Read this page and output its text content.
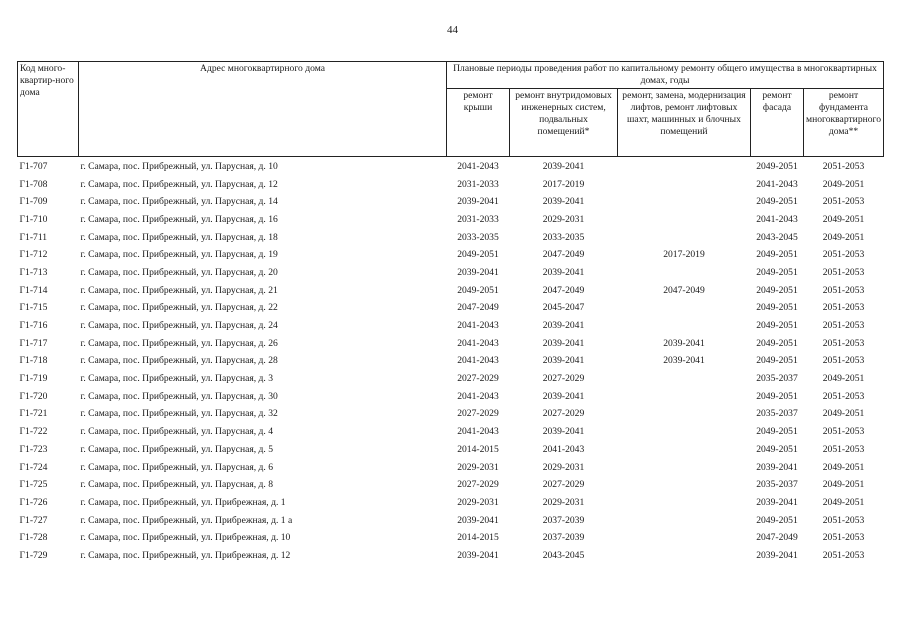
44
Код много-квартир-ного дома	Адрес многоквартирного дома	Плановые периоды проведения работ по капитальному ремонту общего имущества в многоквартирных домах, годы				
		ремонт крыши	ремонт внутридомовых инженерных систем, подвальных помещений*	ремонт, замена, модернизация лифтов, ремонт лифтовых шахт, машинных и блочных помещений	ремонт фасада	ремонт фундамента многоквартирного дома**
Г1-707	г. Самара, пос. Прибрежный, ул. Парусная, д. 10	2041-2043	2039-2041		2049-2051	2051-2053
Г1-708	г. Самара, пос. Прибрежный, ул. Парусная, д. 12	2031-2033	2017-2019		2041-2043	2049-2051
Г1-709	г. Самара, пос. Прибрежный, ул. Парусная, д. 14	2039-2041	2039-2041		2049-2051	2051-2053
Г1-710	г. Самара, пос. Прибрежный, ул. Парусная, д. 16	2031-2033	2029-2031		2041-2043	2049-2051
Г1-711	г. Самара, пос. Прибрежный, ул. Парусная, д. 18	2033-2035	2033-2035		2043-2045	2049-2051
Г1-712	г. Самара, пос. Прибрежный, ул. Парусная, д. 19	2049-2051	2047-2049	2017-2019	2049-2051	2051-2053
Г1-713	г. Самара, пос. Прибрежный, ул. Парусная, д. 20	2039-2041	2039-2041		2049-2051	2051-2053
Г1-714	г. Самара, пос. Прибрежный, ул. Парусная, д. 21	2049-2051	2047-2049	2047-2049	2049-2051	2051-2053
Г1-715	г. Самара, пос. Прибрежный, ул. Парусная, д. 22	2047-2049	2045-2047		2049-2051	2051-2053
Г1-716	г. Самара, пос. Прибрежный, ул. Парусная, д. 24	2041-2043	2039-2041		2049-2051	2051-2053
Г1-717	г. Самара, пос. Прибрежный, ул. Парусная, д. 26	2041-2043	2039-2041	2039-2041	2049-2051	2051-2053
Г1-718	г. Самара, пос. Прибрежный, ул. Парусная, д. 28	2041-2043	2039-2041	2039-2041	2049-2051	2051-2053
Г1-719	г. Самара, пос. Прибрежный, ул. Парусная, д. 3	2027-2029	2027-2029		2035-2037	2049-2051
Г1-720	г. Самара, пос. Прибрежный, ул. Парусная, д. 30	2041-2043	2039-2041		2049-2051	2051-2053
Г1-721	г. Самара, пос. Прибрежный, ул. Парусная, д. 32	2027-2029	2027-2029		2035-2037	2049-2051
Г1-722	г. Самара, пос. Прибрежный, ул. Парусная, д. 4	2041-2043	2039-2041		2049-2051	2051-2053
Г1-723	г. Самара, пос. Прибрежный, ул. Парусная, д. 5	2014-2015	2041-2043		2049-2051	2051-2053
Г1-724	г. Самара, пос. Прибрежный, ул. Парусная, д. 6	2029-2031	2029-2031		2039-2041	2049-2051
Г1-725	г. Самара, пос. Прибрежный, ул. Парусная, д. 8	2027-2029	2027-2029		2035-2037	2049-2051
Г1-726	г. Самара, пос. Прибрежный, ул. Прибрежная, д. 1	2029-2031	2029-2031		2039-2041	2049-2051
Г1-727	г. Самара, пос. Прибрежный, ул. Прибрежная, д. 1 а	2039-2041	2037-2039		2049-2051	2051-2053
Г1-728	г. Самара, пос. Прибрежный, ул. Прибрежная, д. 10	2014-2015	2037-2039		2047-2049	2051-2053
Г1-729	г. Самара, пос. Прибрежный, ул. Прибрежная, д. 12	2039-2041	2043-2045		2039-2041	2051-2053
